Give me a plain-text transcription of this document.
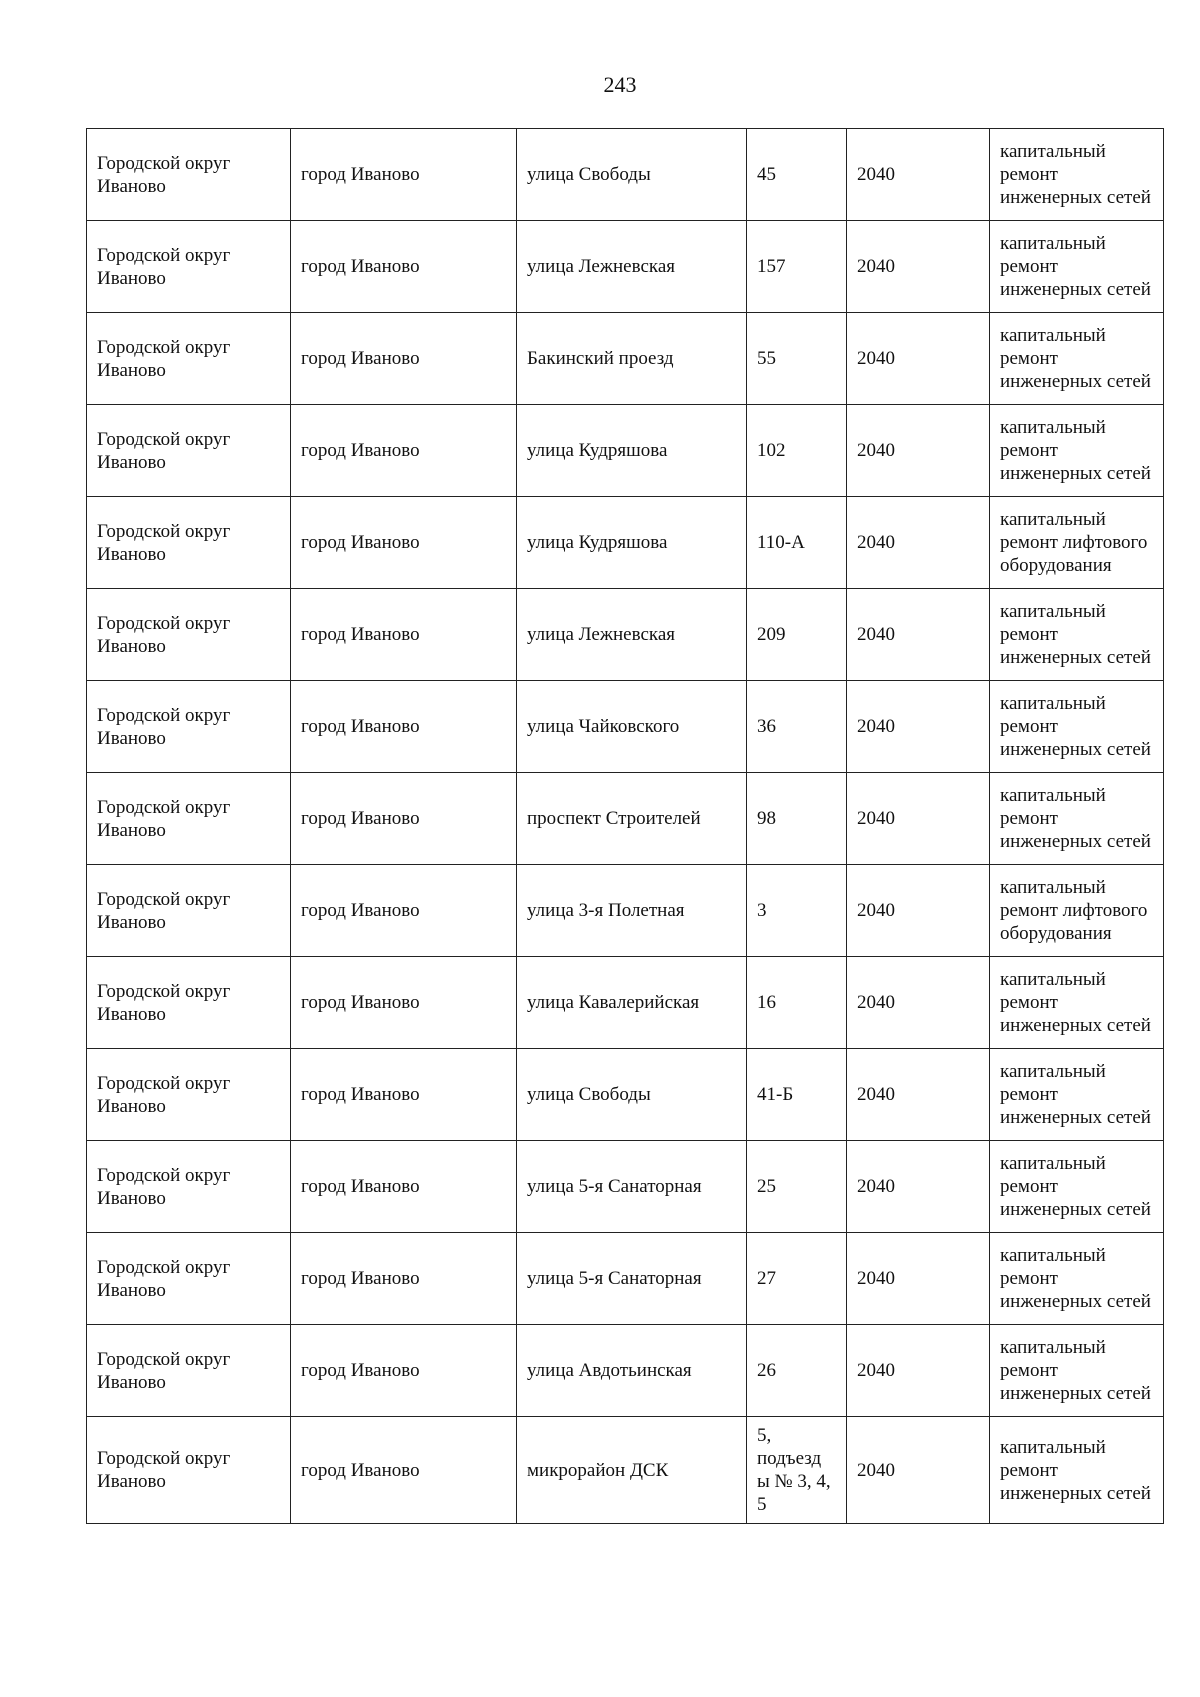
243
Городской округ Иваново	город Иваново	улица Свободы	45	2040	капитальный ремонт инженерных сетей
Городской округ Иваново	город Иваново	улица Лежневская	157	2040	капитальный ремонт инженерных сетей
Городской округ Иваново	город Иваново	Бакинский проезд	55	2040	капитальный ремонт инженерных сетей
Городской округ Иваново	город Иваново	улица Кудряшова	102	2040	капитальный ремонт инженерных сетей
Городской округ Иваново	город Иваново	улица Кудряшова	110-А	2040	капитальный ремонт лифтового оборудования
Городской округ Иваново	город Иваново	улица Лежневская	209	2040	капитальный ремонт инженерных сетей
Городской округ Иваново	город Иваново	улица Чайковского	36	2040	капитальный ремонт инженерных сетей
Городской округ Иваново	город Иваново	проспект Строителей	98	2040	капитальный ремонт инженерных сетей
Городской округ Иваново	город Иваново	улица 3-я Полетная	3	2040	капитальный ремонт лифтового оборудования
Городской округ Иваново	город Иваново	улица Кавалерийская	16	2040	капитальный ремонт инженерных сетей
Городской округ Иваново	город Иваново	улица Свободы	41-Б	2040	капитальный ремонт инженерных сетей
Городской округ Иваново	город Иваново	улица 5-я Санаторная	25	2040	капитальный ремонт инженерных сетей
Городской округ Иваново	город Иваново	улица 5-я Санаторная	27	2040	капитальный ремонт инженерных сетей
Городской округ Иваново	город Иваново	улица Авдотьинская	26	2040	капитальный ремонт инженерных сетей
Городской округ Иваново	город Иваново	микрорайон ДСК	5, подъезд ы № 3, 4, 5	2040	капитальный ремонт инженерных сетей
